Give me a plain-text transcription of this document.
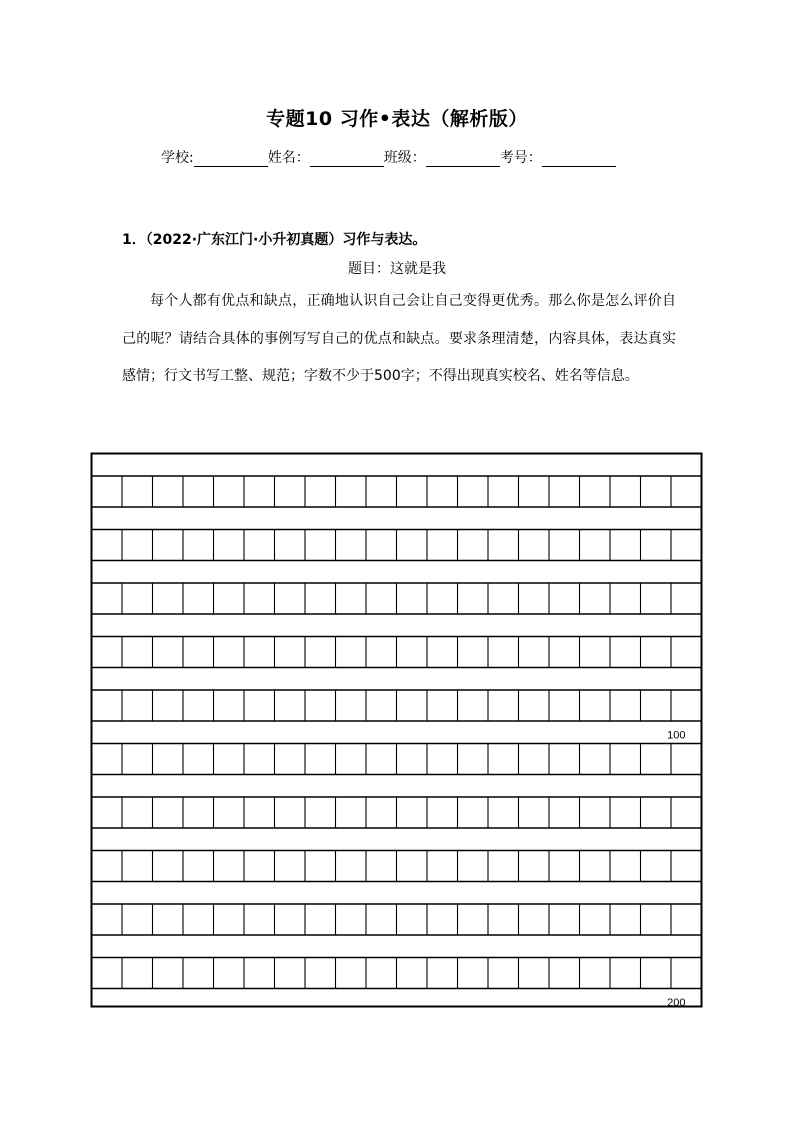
专题10 习作•表达（解析版）
学校:	姓名：	班级：	考号：
1．（2022·广东江门·小升初真题）习作与表达。
题目：这就是我
每个人都有优点和缺点，正确地认识自己会让自己变得更优秀。那么你是怎么评价自己的呢？请结合具体的事例写写自己的优点和缺点。要求条理清楚，内容具体，表达真实感情；行文书写工整、规范；字数不少于500字；不得出现真实校名、姓名等信息。
100
200
